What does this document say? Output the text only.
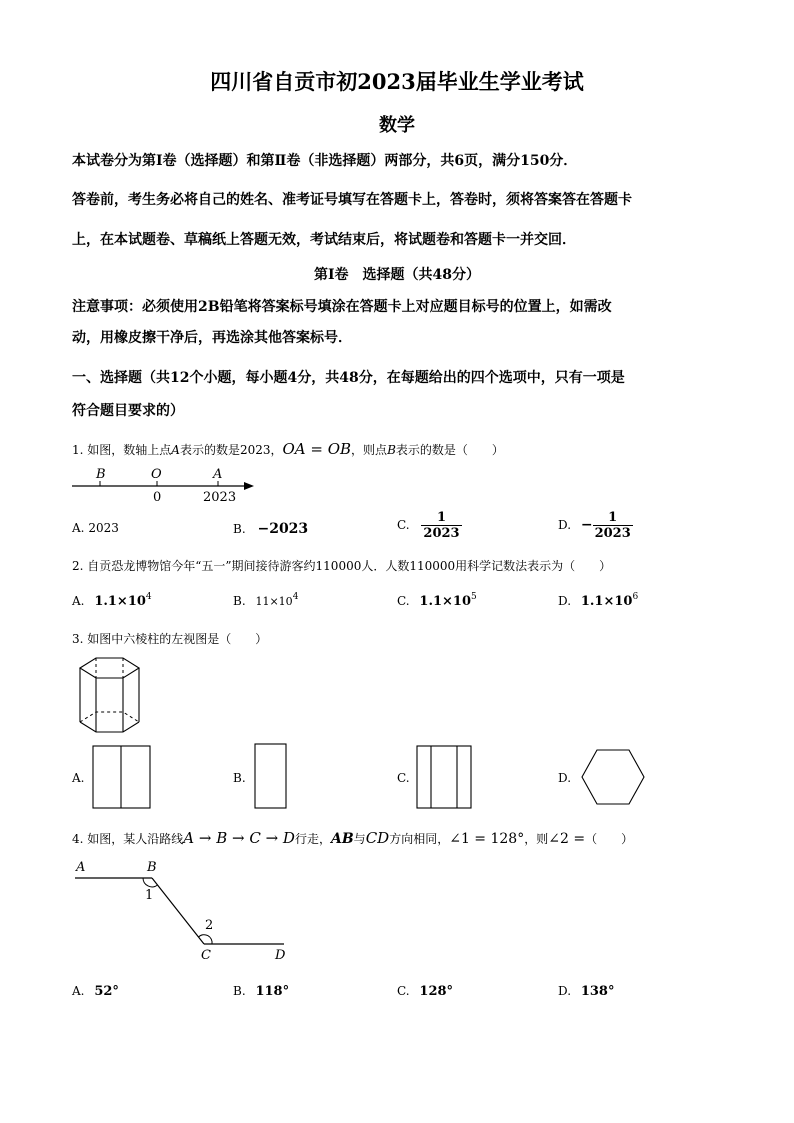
四川省自贡市初2023届毕业生学业考试
数学
本试卷分为第Ⅰ卷（选择题）和第Ⅱ卷（非选择题）两部分，共6页，满分150分．
答卷前，考生务必将自己的姓名、准考证号填写在答题卡上，答卷时，须将答案答在答题卡
上，在本试题卷、草稿纸上答题无效，考试结束后，将试题卷和答题卡一并交回．
第Ⅰ卷　选择题（共48分）
注意事项：必须使用2B铅笔将答案标号填涂在答题卡上对应题目标号的位置上，如需改
动，用橡皮擦干净后，再选涂其他答案标号．
一、选择题（共12个小题，每小题4分，共48分，在每题给出的四个选项中，只有一项是
符合题目要求的）
1. 如图，数轴上点A表示的数是2023，OA = OB，则点B表示的数是（　　）
B	O	A
0	2023
A. 2023	B. −2023	C. $\frac{1}{2023}$	D. − $\frac{1}{2023}$
2. 自贡恐龙博物馆今年“五一”期间接待游客约110000人．人数110000用科学记数法表示为（　　）
A. $1.1\times 10^4$	B. $11\times 10^4$	C. $1.1\times 10^5$	D. $1.1\times 10^6$
3. 如图中六棱柱的左视图是（　　）
A.	B.	C.	D.
4. 如图，某人沿路线A → B → C → D行走，AB与CD方向相同，∠1 = 128°，则∠2 =（　　）
A	B
1
2
C	D
A. 52°	B. 118°	C. 128°	D. 138°
